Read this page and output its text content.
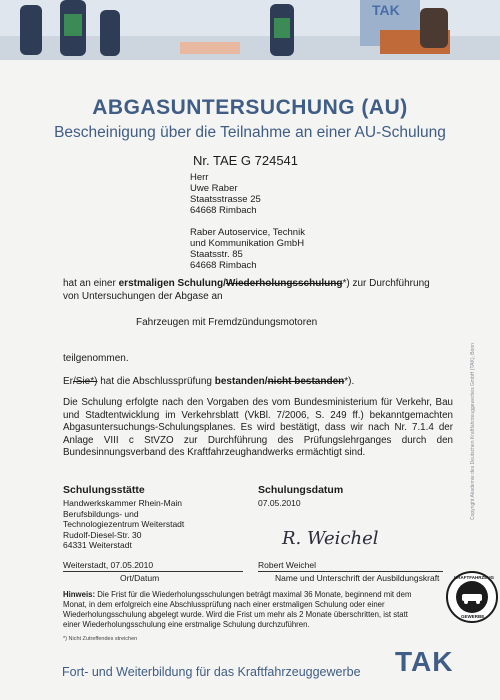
TAK
ABGASUNTERSUCHUNG (AU)
Bescheinigung über die Teilnahme an einer AU-Schulung
Nr. TAE G 724541
Herr
Uwe Raber
Staatsstrasse 25
64668 Rimbach
Raber Autoservice, Technik
und Kommunikation GmbH
Staatsstr. 85
64668 Rimbach
hat an einer erstmaligen Schulung/Wiederholungsschulung*) zur Durchführung
von Untersuchungen der Abgase an
Fahrzeugen mit Fremdzündungsmotoren
teilgenommen.
Er/Sie*) hat die Abschlussprüfung bestanden/nicht bestanden*).
Die Schulung erfolgte nach den Vorgaben des vom Bundesministerium für Verkehr, Bau und Stadtentwicklung im Verkehrsblatt (VkBl. 7/2006, S. 249 ff.) bekanntgemachten Abgasuntersuchungs-Schulungsplanes. Es wird bestätigt, dass wir nach Nr. 7.1.4 der Anlage VIII c StVZO zur Durchführung des Prüfungslehrganges durch den Bundesinnungsverband des Kraftfahrzeughandwerks ermächtigt sind.
Schulungsstätte
Handwerkskammer Rhein-Main
Berufsbildungs- und
Technologiezentrum Weiterstadt
Rudolf-Diesel-Str. 30
64331 Weiterstadt
Schulungsdatum
07.05.2010
R. Weichel
Weiterstadt, 07.05.2010
Ort/Datum
Robert Weichel
Name und Unterschrift der Ausbildungskraft
Hinweis: Die Frist für die Wiederholungsschulungen beträgt maximal 36 Monate, beginnend mit dem Monat, in dem erfolgreich eine Abschlussprüfung nach einer erstmaligen Schulung oder einer Wiederholungsschulung abgelegt wurde. Wird die Frist um mehr als 2 Monate überschritten, ist statt einer Wiederholungsschulung eine erstmalige Schulung durchzuführen.
*) Nicht Zutreffendes streichen
Copyright Akademie des Deutschen Kraftfahrzeuggewerbes GmbH (TAK), Bonn
KRAFTFAHRZEUG
GEWERBE
Fort- und Weiterbildung für das Kraftfahrzeuggewerbe TAK
